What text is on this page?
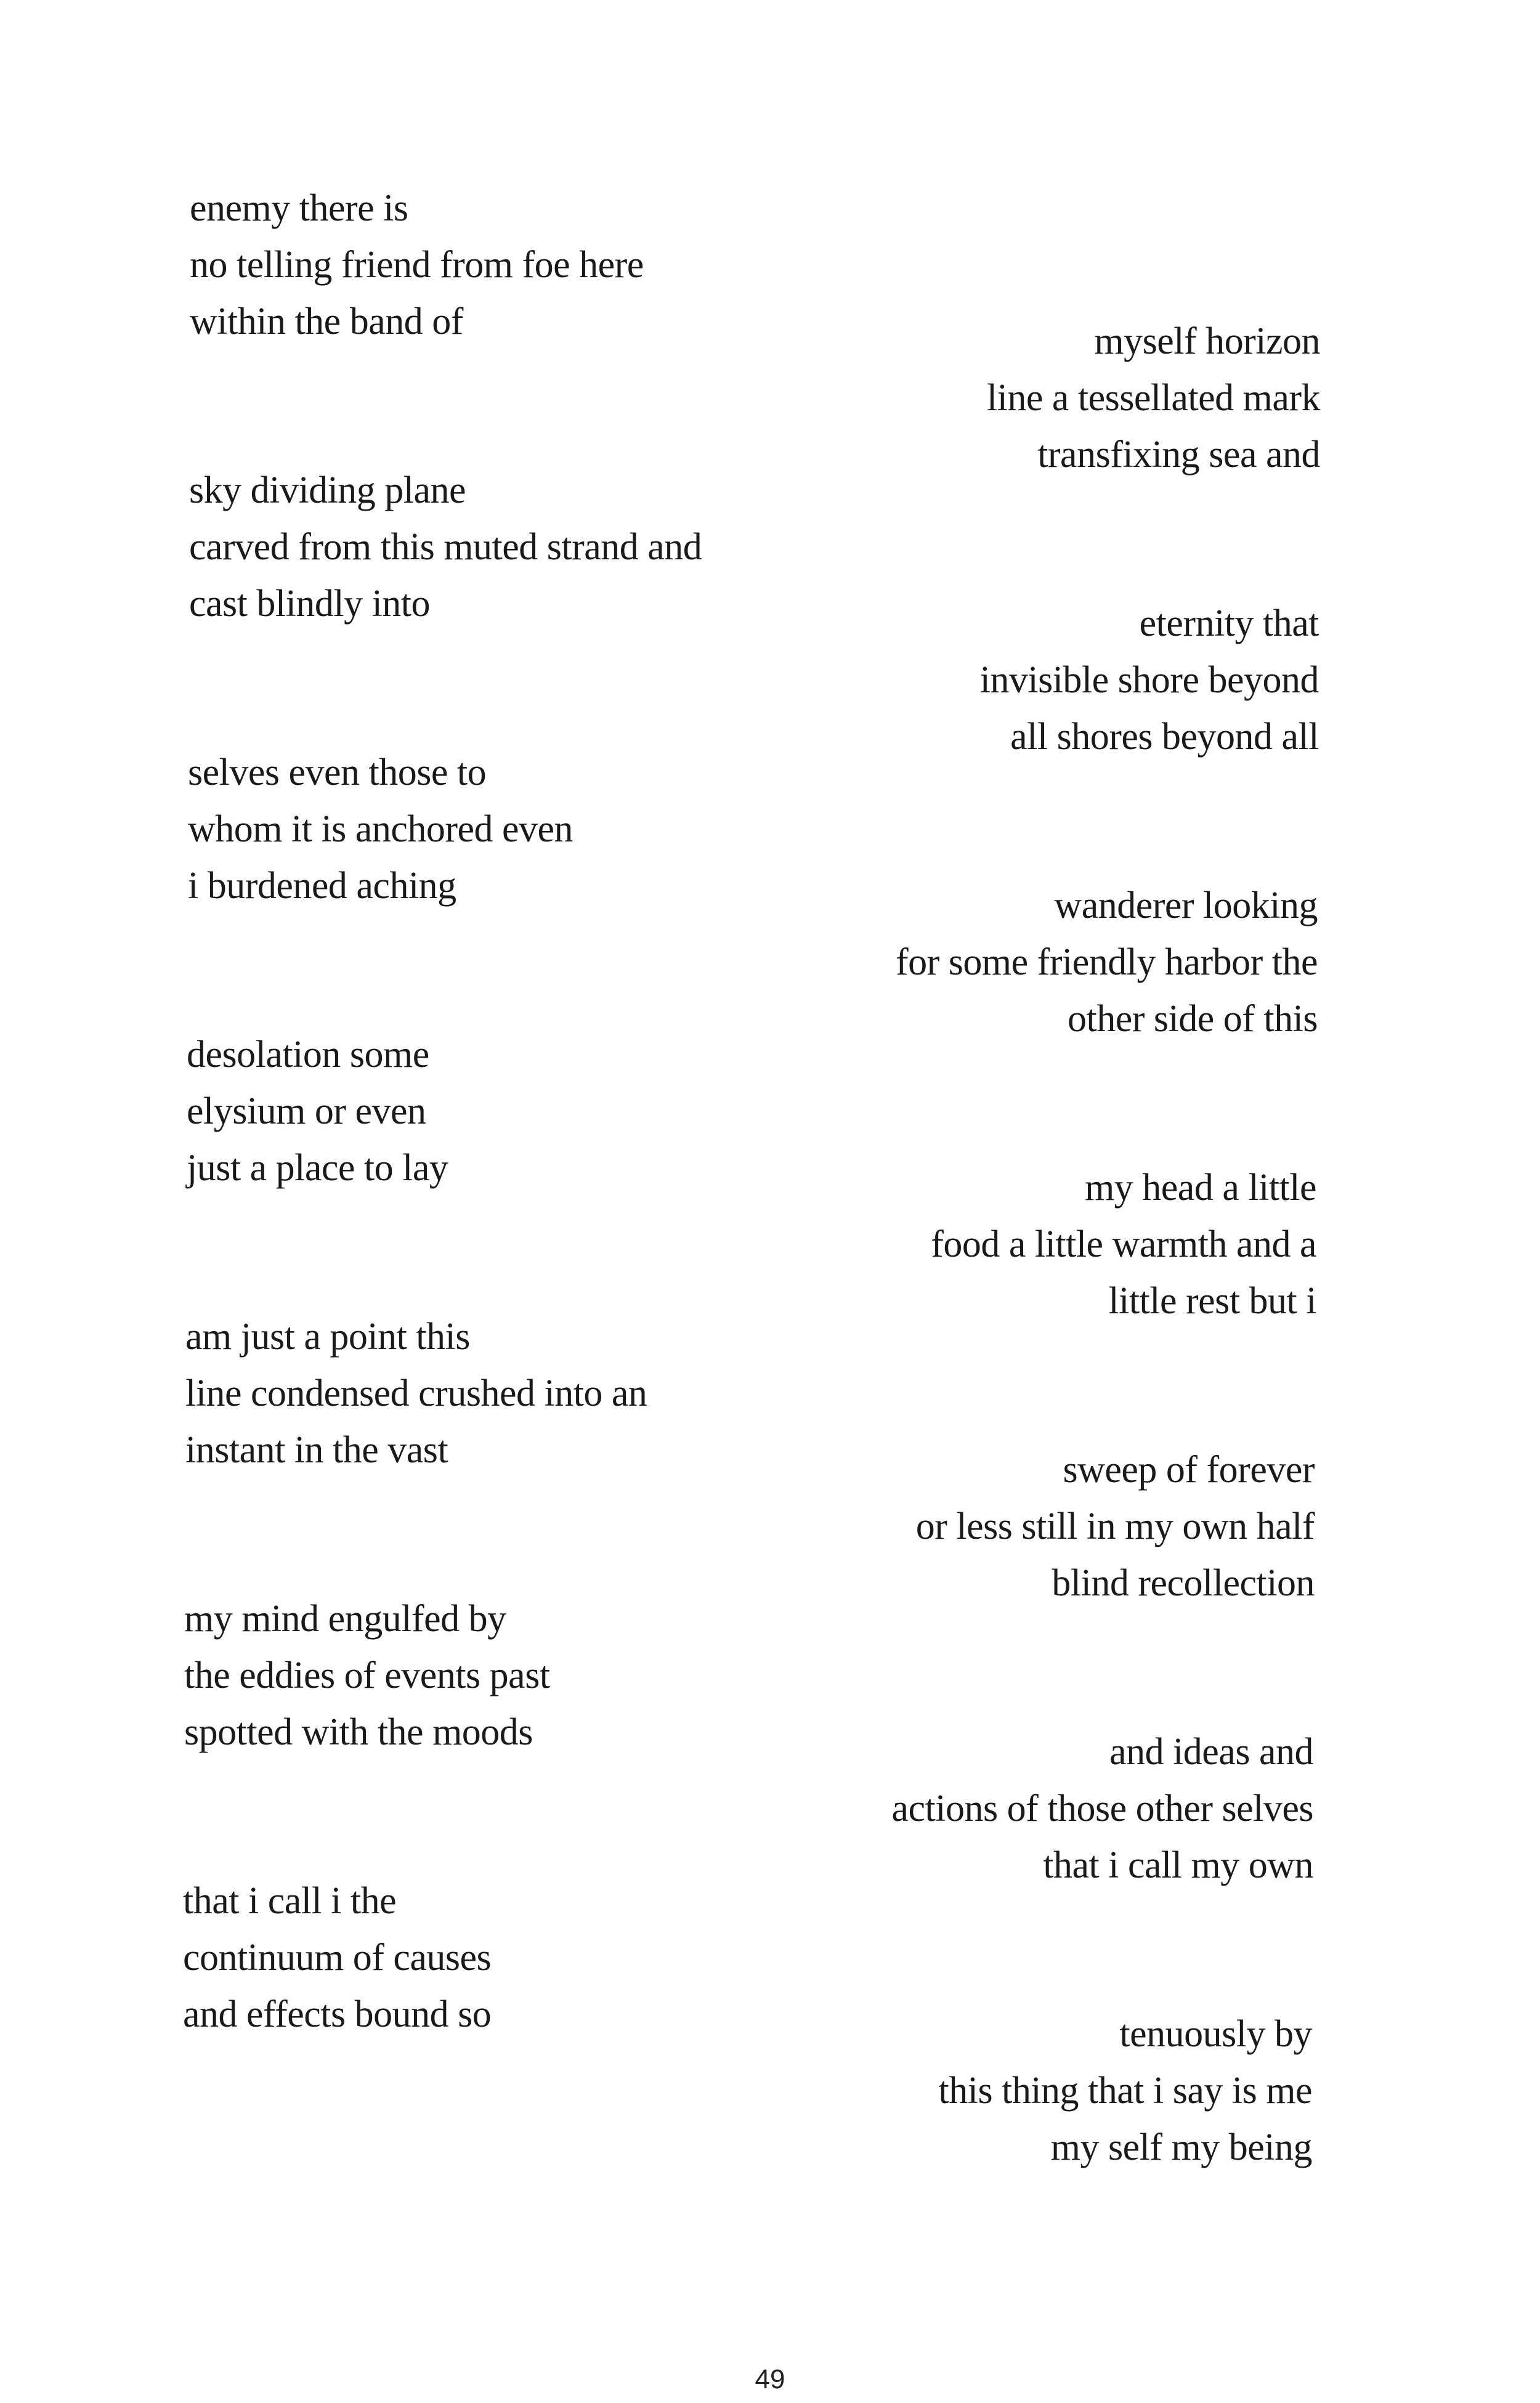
enemy there is
no telling friend from foe here
within the band of

sky dividing plane
carved from this muted strand and
cast blindly into

selves even those to
whom it is anchored even
i burdened aching

desolation some
elysium or even
just a place to lay

am just a point this
line condensed crushed into an
instant in the vast

my mind engulfed by
the eddies of events past
spotted with the moods

that i call i the
continuum of causes
and effects bound so

myself horizon
line a tessellated mark
transfixing sea and

eternity that
invisible shore beyond
all shores beyond all

wanderer looking
for some friendly harbor the
other side of this

my head a little
food a little warmth and a
little rest but i

sweep of forever
or less still in my own half
blind recollection

and ideas and
actions of those other selves
that i call my own

tenuously by
this thing that i say is me
my self my being

49
